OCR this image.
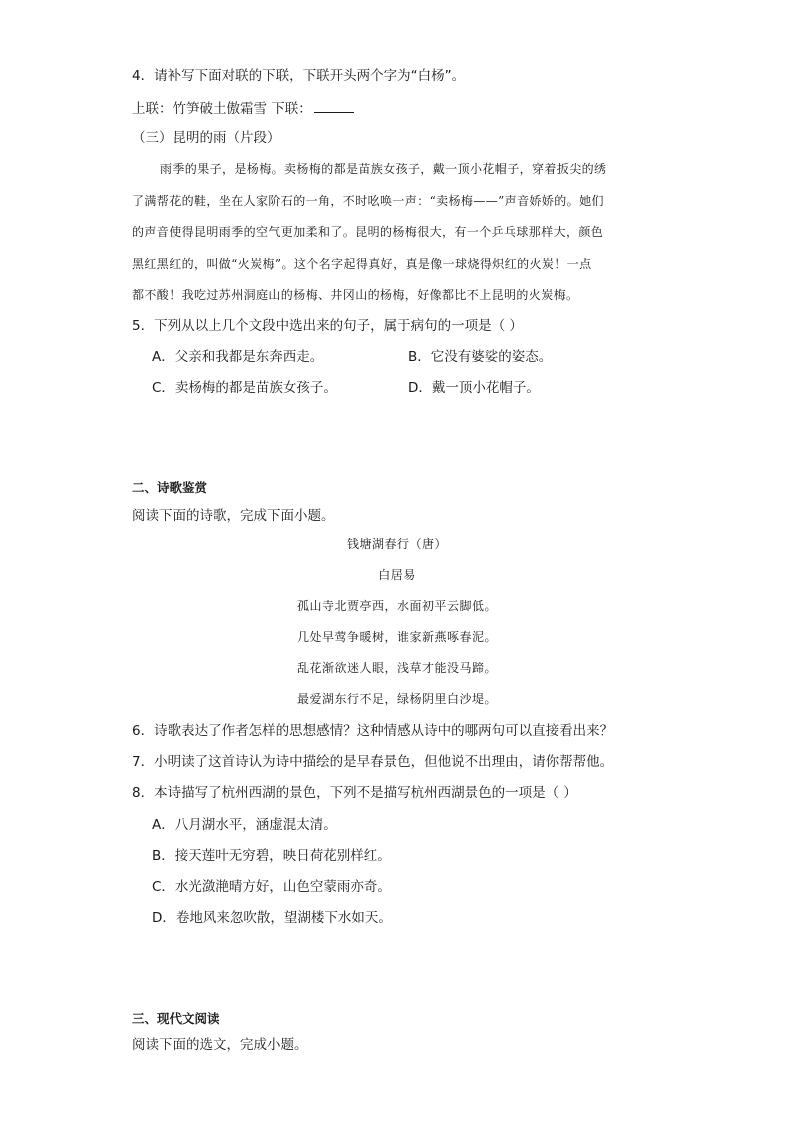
4．请补写下面对联的下联，下联开头两个字为“白杨”。
上联：竹笋破土傲霜雪 下联：
（三）昆明的雨（片段）
雨季的果子，是杨梅。卖杨梅的都是苗族女孩子，戴一顶小花帽子，穿着扳尖的绣
了满帮花的鞋，坐在人家阶石的一角，不时吆唤一声：“卖杨梅——”声音娇娇的。她们
的声音使得昆明雨季的空气更加柔和了。昆明的杨梅很大，有一个乒乓球那样大，颜色
黑红黑红的，叫做“火炭梅”。这个名字起得真好，真是像一球烧得炽红的火炭！一点
都不酸！我吃过苏州洞庭山的杨梅、井冈山的杨梅，好像都比不上昆明的火炭梅。
5．下列从以上几个文段中选出来的句子，属于病句的一项是（ ）
A．父亲和我都是东奔西走。	B．它没有婆娑的姿态。
C．卖杨梅的都是苗族女孩子。	D．戴一顶小花帽子。
二、诗歌鉴赏
阅读下面的诗歌，完成下面小题。
钱塘湖春行（唐）
白居易
孤山寺北贾亭西，水面初平云脚低。
几处早莺争暖树，谁家新燕啄春泥。
乱花渐欲迷人眼，浅草才能没马蹄。
最爱湖东行不足，绿杨阴里白沙堤。
6．诗歌表达了作者怎样的思想感情？这种情感从诗中的哪两句可以直接看出来？
7．小明读了这首诗认为诗中描绘的是早春景色，但他说不出理由，请你帮帮他。
8．本诗描写了杭州西湖的景色，下列不是描写杭州西湖景色的一项是（ ）
A．八月湖水平，涵虚混太清。
B．接天莲叶无穷碧，映日荷花别样红。
C．水光潋滟晴方好，山色空蒙雨亦奇。
D．卷地风来忽吹散，望湖楼下水如天。
三、现代文阅读
阅读下面的选文，完成小题。
